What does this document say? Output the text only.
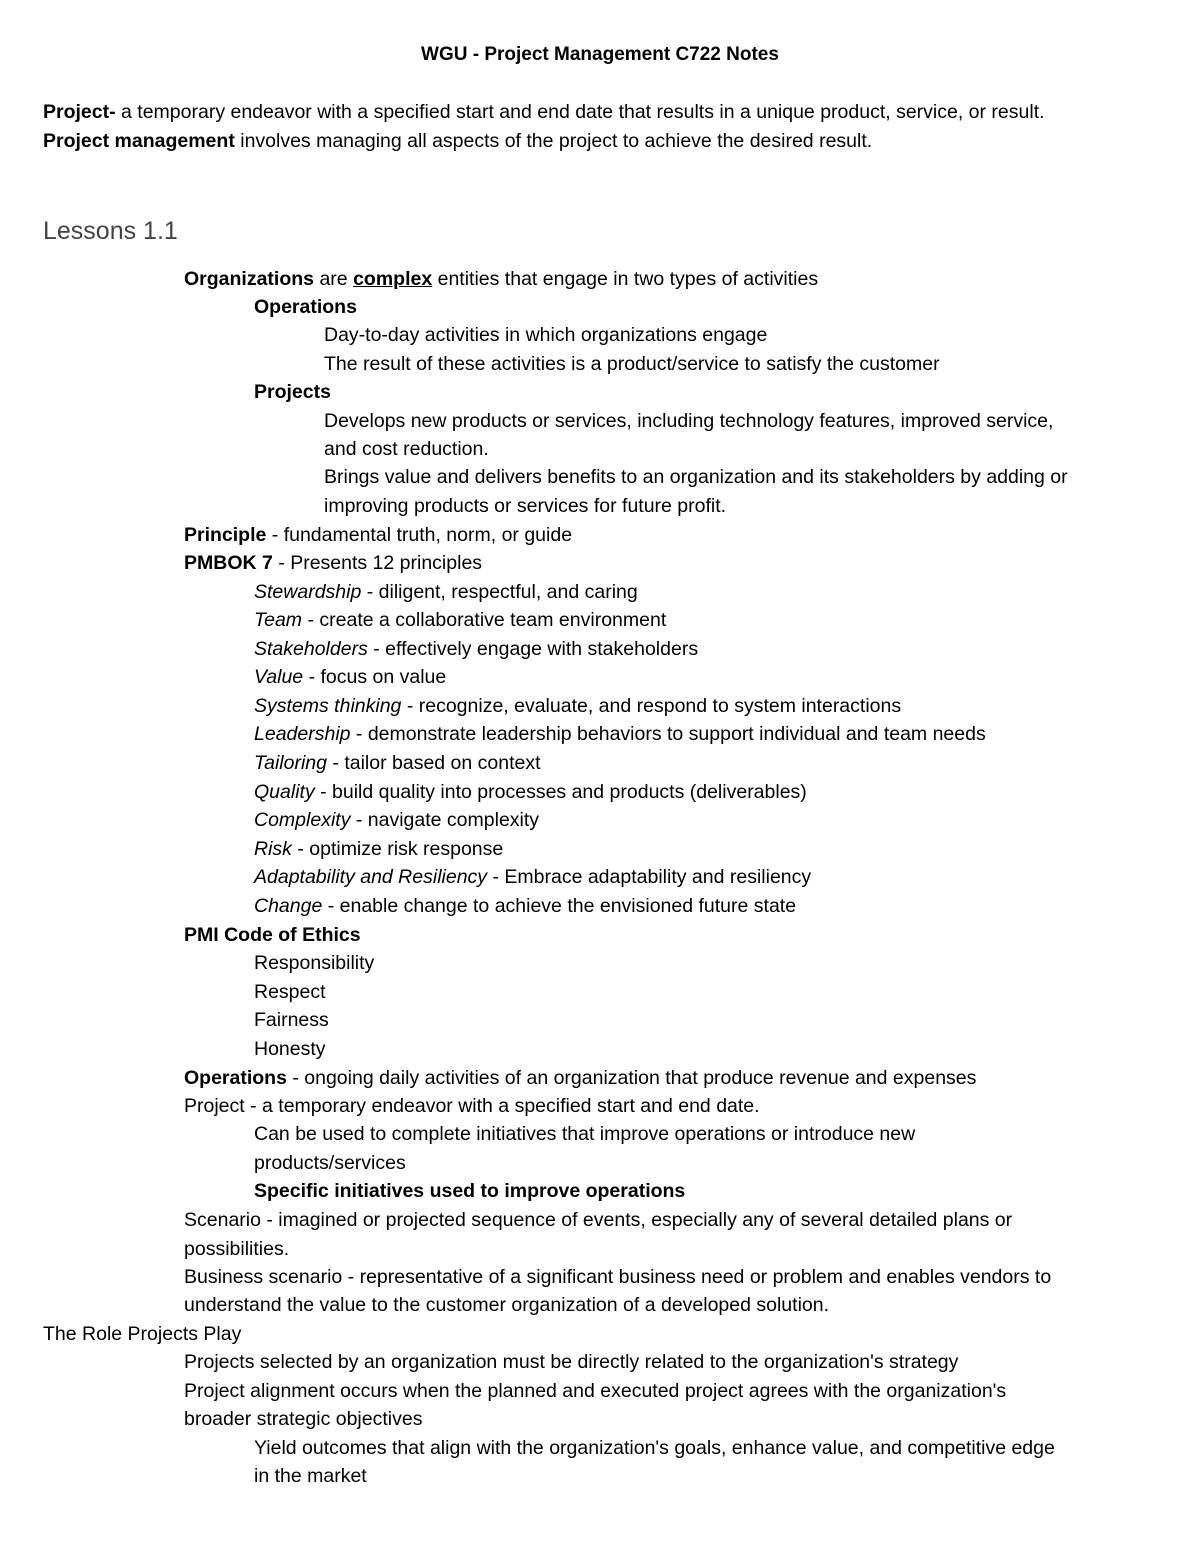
WGU - Project Management C722 Notes
Project- a temporary endeavor with a specified start and end date that results in a unique product, service, or result.
Project management involves managing all aspects of the project to achieve the desired result.
Lessons 1.1
Organizations are complex entities that engage in two types of activities
Operations
Day-to-day activities in which organizations engage
The result of these activities is a product/service to satisfy the customer
Projects
Develops new products or services, including technology features, improved service,
and cost reduction.
Brings value and delivers benefits to an organization and its stakeholders by adding or
improving products or services for future profit.
Principle - fundamental truth, norm, or guide
PMBOK 7 - Presents 12 principles
Stewardship - diligent, respectful, and caring
Team - create a collaborative team environment
Stakeholders - effectively engage with stakeholders
Value - focus on value
Systems thinking - recognize, evaluate, and respond to system interactions
Leadership - demonstrate leadership behaviors to support individual and team needs
Tailoring - tailor based on context
Quality - build quality into processes and products (deliverables)
Complexity - navigate complexity
Risk - optimize risk response
Adaptability and Resiliency - Embrace adaptability and resiliency
Change - enable change to achieve the envisioned future state
PMI Code of Ethics
Responsibility
Respect
Fairness
Honesty
Operations - ongoing daily activities of an organization that produce revenue and expenses
Project - a temporary endeavor with a specified start and end date.
Can be used to complete initiatives that improve operations or introduce new
products/services
Specific initiatives used to improve operations
Scenario - imagined or projected sequence of events, especially any of several detailed plans or
possibilities.
Business scenario - representative of a significant business need or problem and enables vendors to
understand the value to the customer organization of a developed solution.
The Role Projects Play
Projects selected by an organization must be directly related to the organization's strategy
Project alignment occurs when the planned and executed project agrees with the organization's
broader strategic objectives
Yield outcomes that align with the organization's goals, enhance value, and competitive edge
in the market
